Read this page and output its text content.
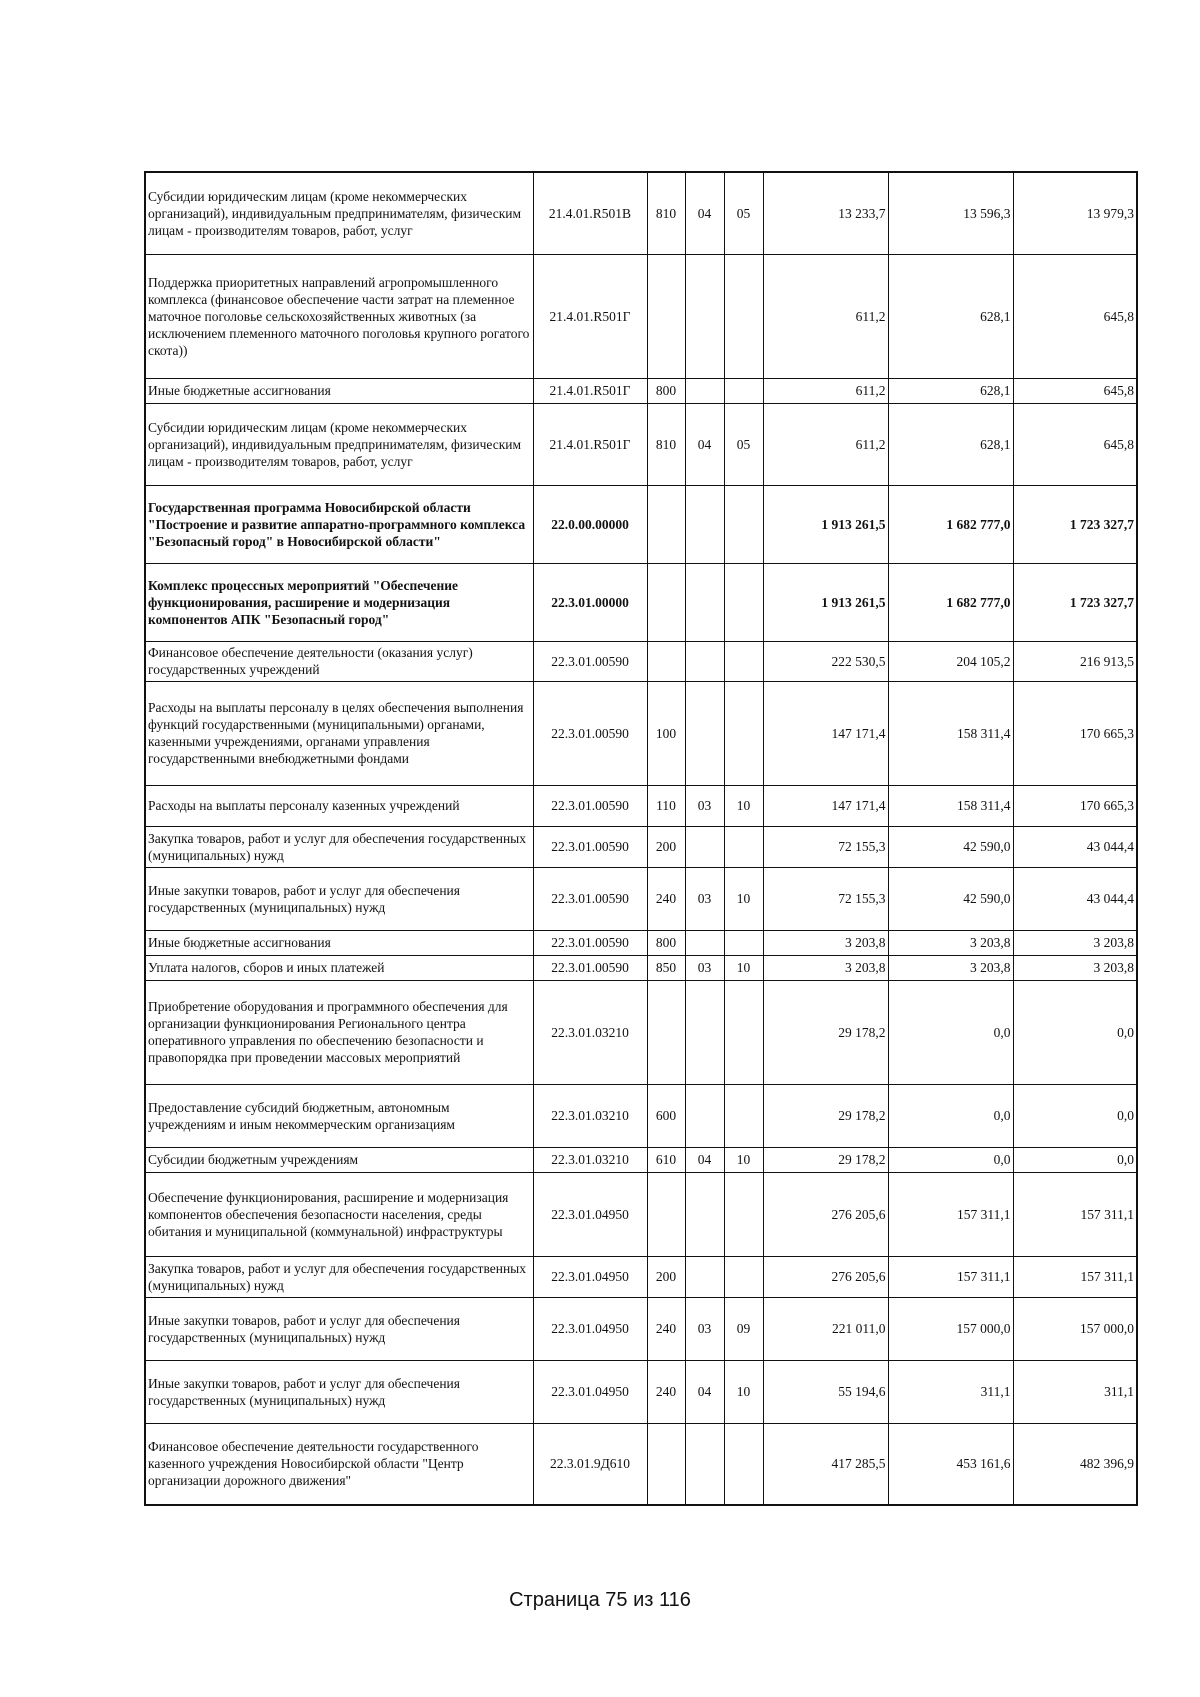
Субсидии юридическим лицам (кроме некоммерческих организаций), индивидуальным предпринимателям, физическим лицам - производителям товаров, работ, услуг	21.4.01.R501В	810	04	05	13 233,7	13 596,3	13 979,3
Поддержка приоритетных направлений агропромышленного комплекса (финансовое обеспечение части затрат на племенное маточное поголовье сельскохозяйственных животных (за исключением племенного маточного поголовья крупного рогатого скота))	21.4.01.R501Г				611,2	628,1	645,8
Иные бюджетные ассигнования	21.4.01.R501Г	800			611,2	628,1	645,8
Субсидии юридическим лицам (кроме некоммерческих организаций), индивидуальным предпринимателям, физическим лицам - производителям товаров, работ, услуг	21.4.01.R501Г	810	04	05	611,2	628,1	645,8
Государственная программа Новосибирской области "Построение и развитие аппаратно-программного комплекса "Безопасный город" в Новосибирской области"	22.0.00.00000				1 913 261,5	1 682 777,0	1 723 327,7
Комплекс процессных мероприятий "Обеспечение функционирования, расширение и модернизация компонентов АПК "Безопасный город"	22.3.01.00000				1 913 261,5	1 682 777,0	1 723 327,7
Финансовое обеспечение деятельности (оказания услуг) государственных учреждений	22.3.01.00590				222 530,5	204 105,2	216 913,5
Расходы на выплаты персоналу в целях обеспечения выполнения функций государственными (муниципальными) органами, казенными учреждениями, органами управления государственными внебюджетными фондами	22.3.01.00590	100			147 171,4	158 311,4	170 665,3
Расходы на выплаты персоналу казенных учреждений	22.3.01.00590	110	03	10	147 171,4	158 311,4	170 665,3
Закупка товаров, работ и услуг для обеспечения государственных (муниципальных) нужд	22.3.01.00590	200			72 155,3	42 590,0	43 044,4
Иные закупки товаров, работ и услуг для обеспечения государственных (муниципальных) нужд	22.3.01.00590	240	03	10	72 155,3	42 590,0	43 044,4
Иные бюджетные ассигнования	22.3.01.00590	800			3 203,8	3 203,8	3 203,8
Уплата налогов, сборов и иных платежей	22.3.01.00590	850	03	10	3 203,8	3 203,8	3 203,8
Приобретение оборудования и программного обеспечения для организации функционирования Регионального центра оперативного управления по обеспечению безопасности и правопорядка при проведении массовых мероприятий	22.3.01.03210				29 178,2	0,0	0,0
Предоставление субсидий бюджетным, автономным учреждениям и иным некоммерческим организациям	22.3.01.03210	600			29 178,2	0,0	0,0
Субсидии бюджетным учреждениям	22.3.01.03210	610	04	10	29 178,2	0,0	0,0
Обеспечение функционирования, расширение и модернизация компонентов обеспечения безопасности населения, среды обитания и муниципальной (коммунальной) инфраструктуры	22.3.01.04950				276 205,6	157 311,1	157 311,1
Закупка товаров, работ и услуг для обеспечения государственных (муниципальных) нужд	22.3.01.04950	200			276 205,6	157 311,1	157 311,1
Иные закупки товаров, работ и услуг для обеспечения государственных (муниципальных) нужд	22.3.01.04950	240	03	09	221 011,0	157 000,0	157 000,0
Иные закупки товаров, работ и услуг для обеспечения государственных (муниципальных) нужд	22.3.01.04950	240	04	10	55 194,6	311,1	311,1
Финансовое обеспечение деятельности государственного казенного учреждения Новосибирской области "Центр организации дорожного движения"	22.3.01.9Д610				417 285,5	453 161,6	482 396,9
Страница 75 из 116
